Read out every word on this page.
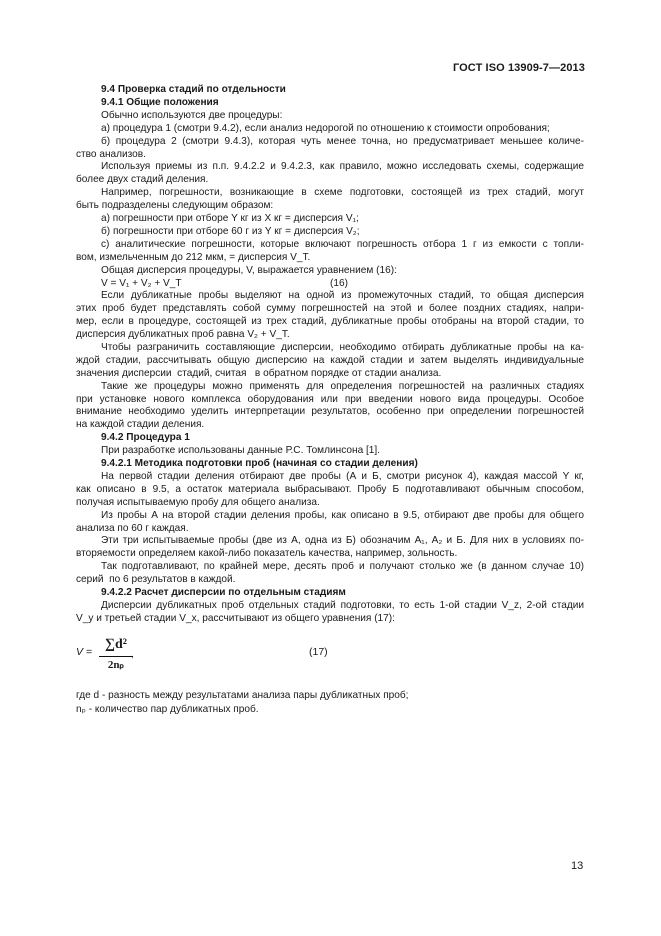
ГОСТ ISO 13909-7—2013
9.4 Проверка стадий по отдельности
9.4.1 Общие положения
Обычно используются две процедуры:
а) процедура 1 (смотри 9.4.2), если анализ недорогой по отношению к стоимости опробования;
б) процедура 2 (смотри 9.4.3), которая чуть менее точна, но предусматривает меньшее количе-
ство анализов.
Используя приемы из п.п. 9.4.2.2 и 9.4.2.3, как правило, можно исследовать схемы, содержащие
более двух стадий деления.
Например, погрешности, возникающие в схеме подготовки, состоящей из трех стадий, могут
быть подразделены следующим образом:
а) погрешности при отборе Y кг из X кг = дисперсия V₁;
б) погрешности при отборе 60 г из Y кг = дисперсия V₂;
с) аналитические погрешности, которые включают погрешность отбора 1 г из емкости с топли-
вом, измельченным до 212 мкм, = дисперсия V_T.
Общая дисперсия процедуры, V, выражается уравнением (16):
V = V₁ + V₂ + V_T                                                     (16)
Если дубликатные пробы выделяют на одной из промежуточных стадий, то общая дисперсия
этих проб будет представлять собой сумму погрешностей на этой и более поздних стадиях, напри-
мер, если в процедуре, состоящей из трех стадий, дубликатные пробы отобраны на второй стадии, то
дисперсия дубликатных проб равна V₂ + V_T.
Чтобы разграничить составляющие дисперсии, необходимо отбирать дубликатные пробы на ка-
ждой стадии, рассчитывать общую дисперсию на каждой стадии и затем выделять индивидуальные
значения дисперсии  стадий, считая   в обратном порядке от стадии анализа.
Такие же процедуры можно применять для определения погрешностей на различных стадиях
при установке нового комплекса оборудования или при введении нового вида процедуры. Особое
внимание необходимо уделить интерпретации результатов, особенно при определении погрешностей
на каждой стадии деления.
9.4.2 Процедура 1
При разработке использованы данные Р.С. Томлинсона [1].
9.4.2.1 Методика подготовки проб (начиная со стадии деления)
На первой стадии деления отбирают две пробы (А и Б, смотри рисунок 4), каждая массой Y кг,
как описано в 9.5, а остаток материала выбрасывают. Пробу Б подготавливают обычным способом,
получая испытываемую пробу для общего анализа.
Из пробы А на второй стадии деления пробы, как описано в 9.5, отбирают две пробы для общего
анализа по 60 г каждая.
Эти три испытываемые пробы (две из А, одна из Б) обозначим А₁, А₂ и Б. Для них в условиях по-
вторяемости определяем какой-либо показатель качества, например, зольность.
Так подготавливают, по крайней мере, десять проб и получают столько же (в данном случае 10)
серий  по 6 результатов в каждой.
9.4.2.2 Расчет дисперсии по отдельным стадиям
Дисперсии дубликатных проб отдельных стадий подготовки, то есть 1-ой стадии V_z, 2-ой стадии
V_y и третьей стадии V_x, рассчитывают из общего уравнения (17):
V = ∑d²
2nₚ
,	(17)
где d - разность между результатами анализа пары дубликатных проб;
nₚ - количество пар дубликатных проб.
13
